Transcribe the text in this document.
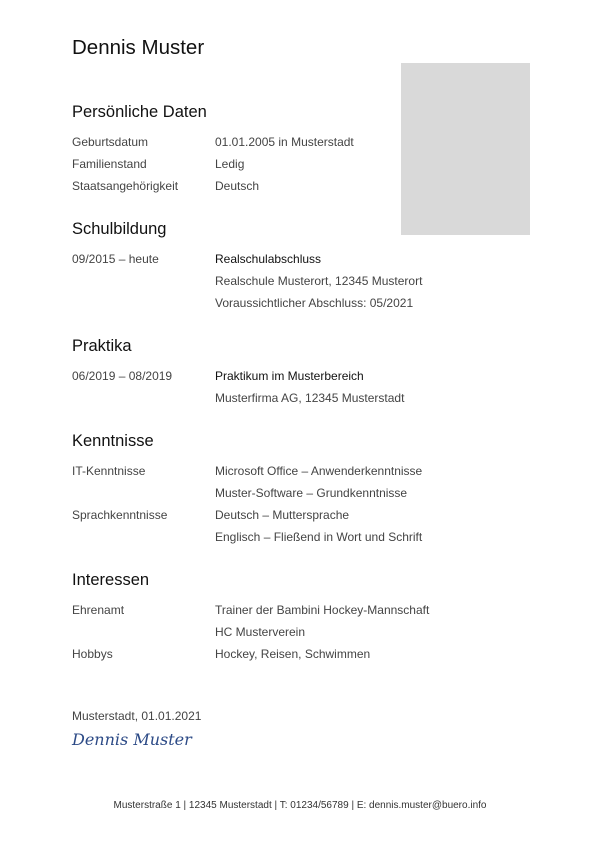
Dennis Muster
Persönliche Daten
Geburtsdatum	01.01.2005 in Musterstadt
Familienstand	Ledig
Staatsangehörigkeit	Deutsch
Schulbildung
09/2015 – heute	Realschulabschluss
Realschule Musterort, 12345 Musterort
Voraussichtlicher Abschluss: 05/2021
Praktika
06/2019 – 08/2019	Praktikum im Musterbereich
Musterfirma AG, 12345 Musterstadt
Kenntnisse
IT-Kenntnisse	Microsoft Office – Anwenderkenntnisse
Muster-Software – Grundkenntnisse
Sprachkenntnisse	Deutsch – Muttersprache
Englisch – Fließend in Wort und Schrift
Interessen
Ehrenamt	Trainer der Bambini Hockey-Mannschaft
HC Musterverein
Hobbys	Hockey, Reisen, Schwimmen
Musterstadt, 01.01.2021
Dennis Muster
Musterstraße 1 | 12345 Musterstadt | T: 01234/56789 | E: dennis.muster@buero.info
